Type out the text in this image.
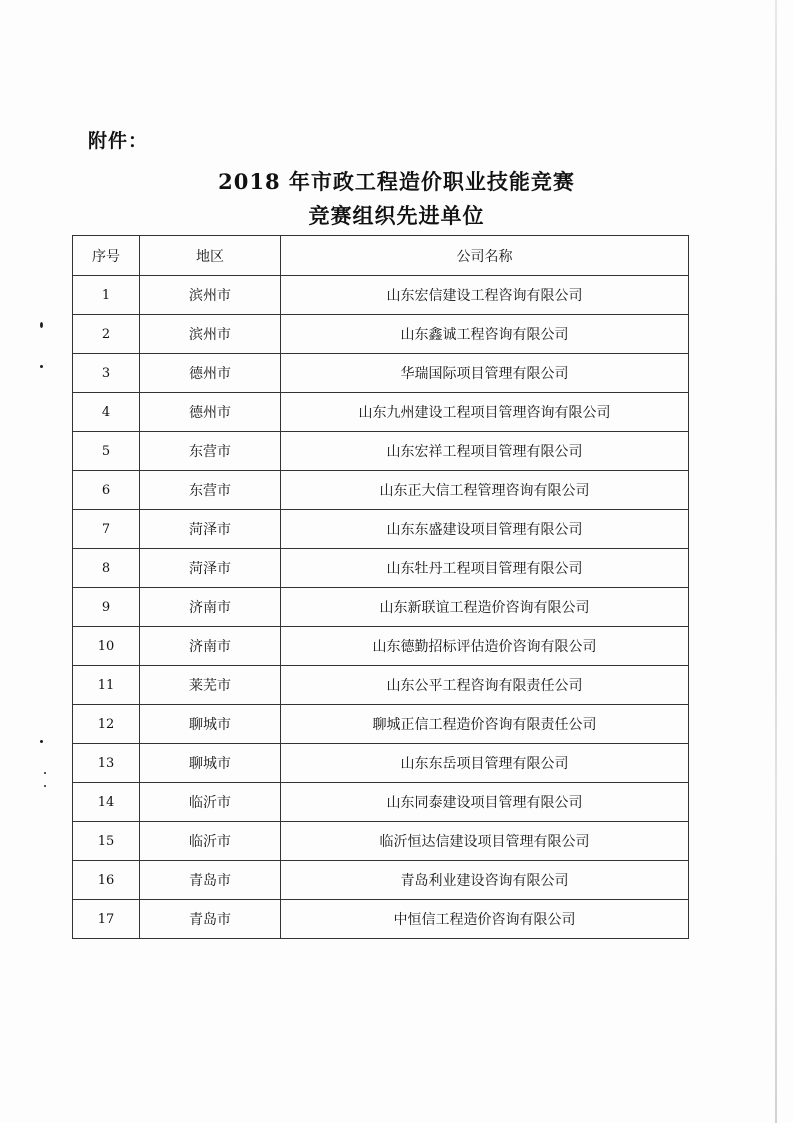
附件：
2018 年市政工程造价职业技能竞赛
竞赛组织先进单位
序号	地区	公司名称
1	滨州市	山东宏信建设工程咨询有限公司
2	滨州市	山东鑫诚工程咨询有限公司
3	德州市	华瑞国际项目管理有限公司
4	德州市	山东九州建设工程项目管理咨询有限公司
5	东营市	山东宏祥工程项目管理有限公司
6	东营市	山东正大信工程管理咨询有限公司
7	菏泽市	山东东盛建设项目管理有限公司
8	菏泽市	山东牡丹工程项目管理有限公司
9	济南市	山东新联谊工程造价咨询有限公司
10	济南市	山东德勤招标评估造价咨询有限公司
11	莱芜市	山东公平工程咨询有限责任公司
12	聊城市	聊城正信工程造价咨询有限责任公司
13	聊城市	山东东岳项目管理有限公司
14	临沂市	山东同泰建设项目管理有限公司
15	临沂市	临沂恒达信建设项目管理有限公司
16	青岛市	青岛利业建设咨询有限公司
17	青岛市	中恒信工程造价咨询有限公司
